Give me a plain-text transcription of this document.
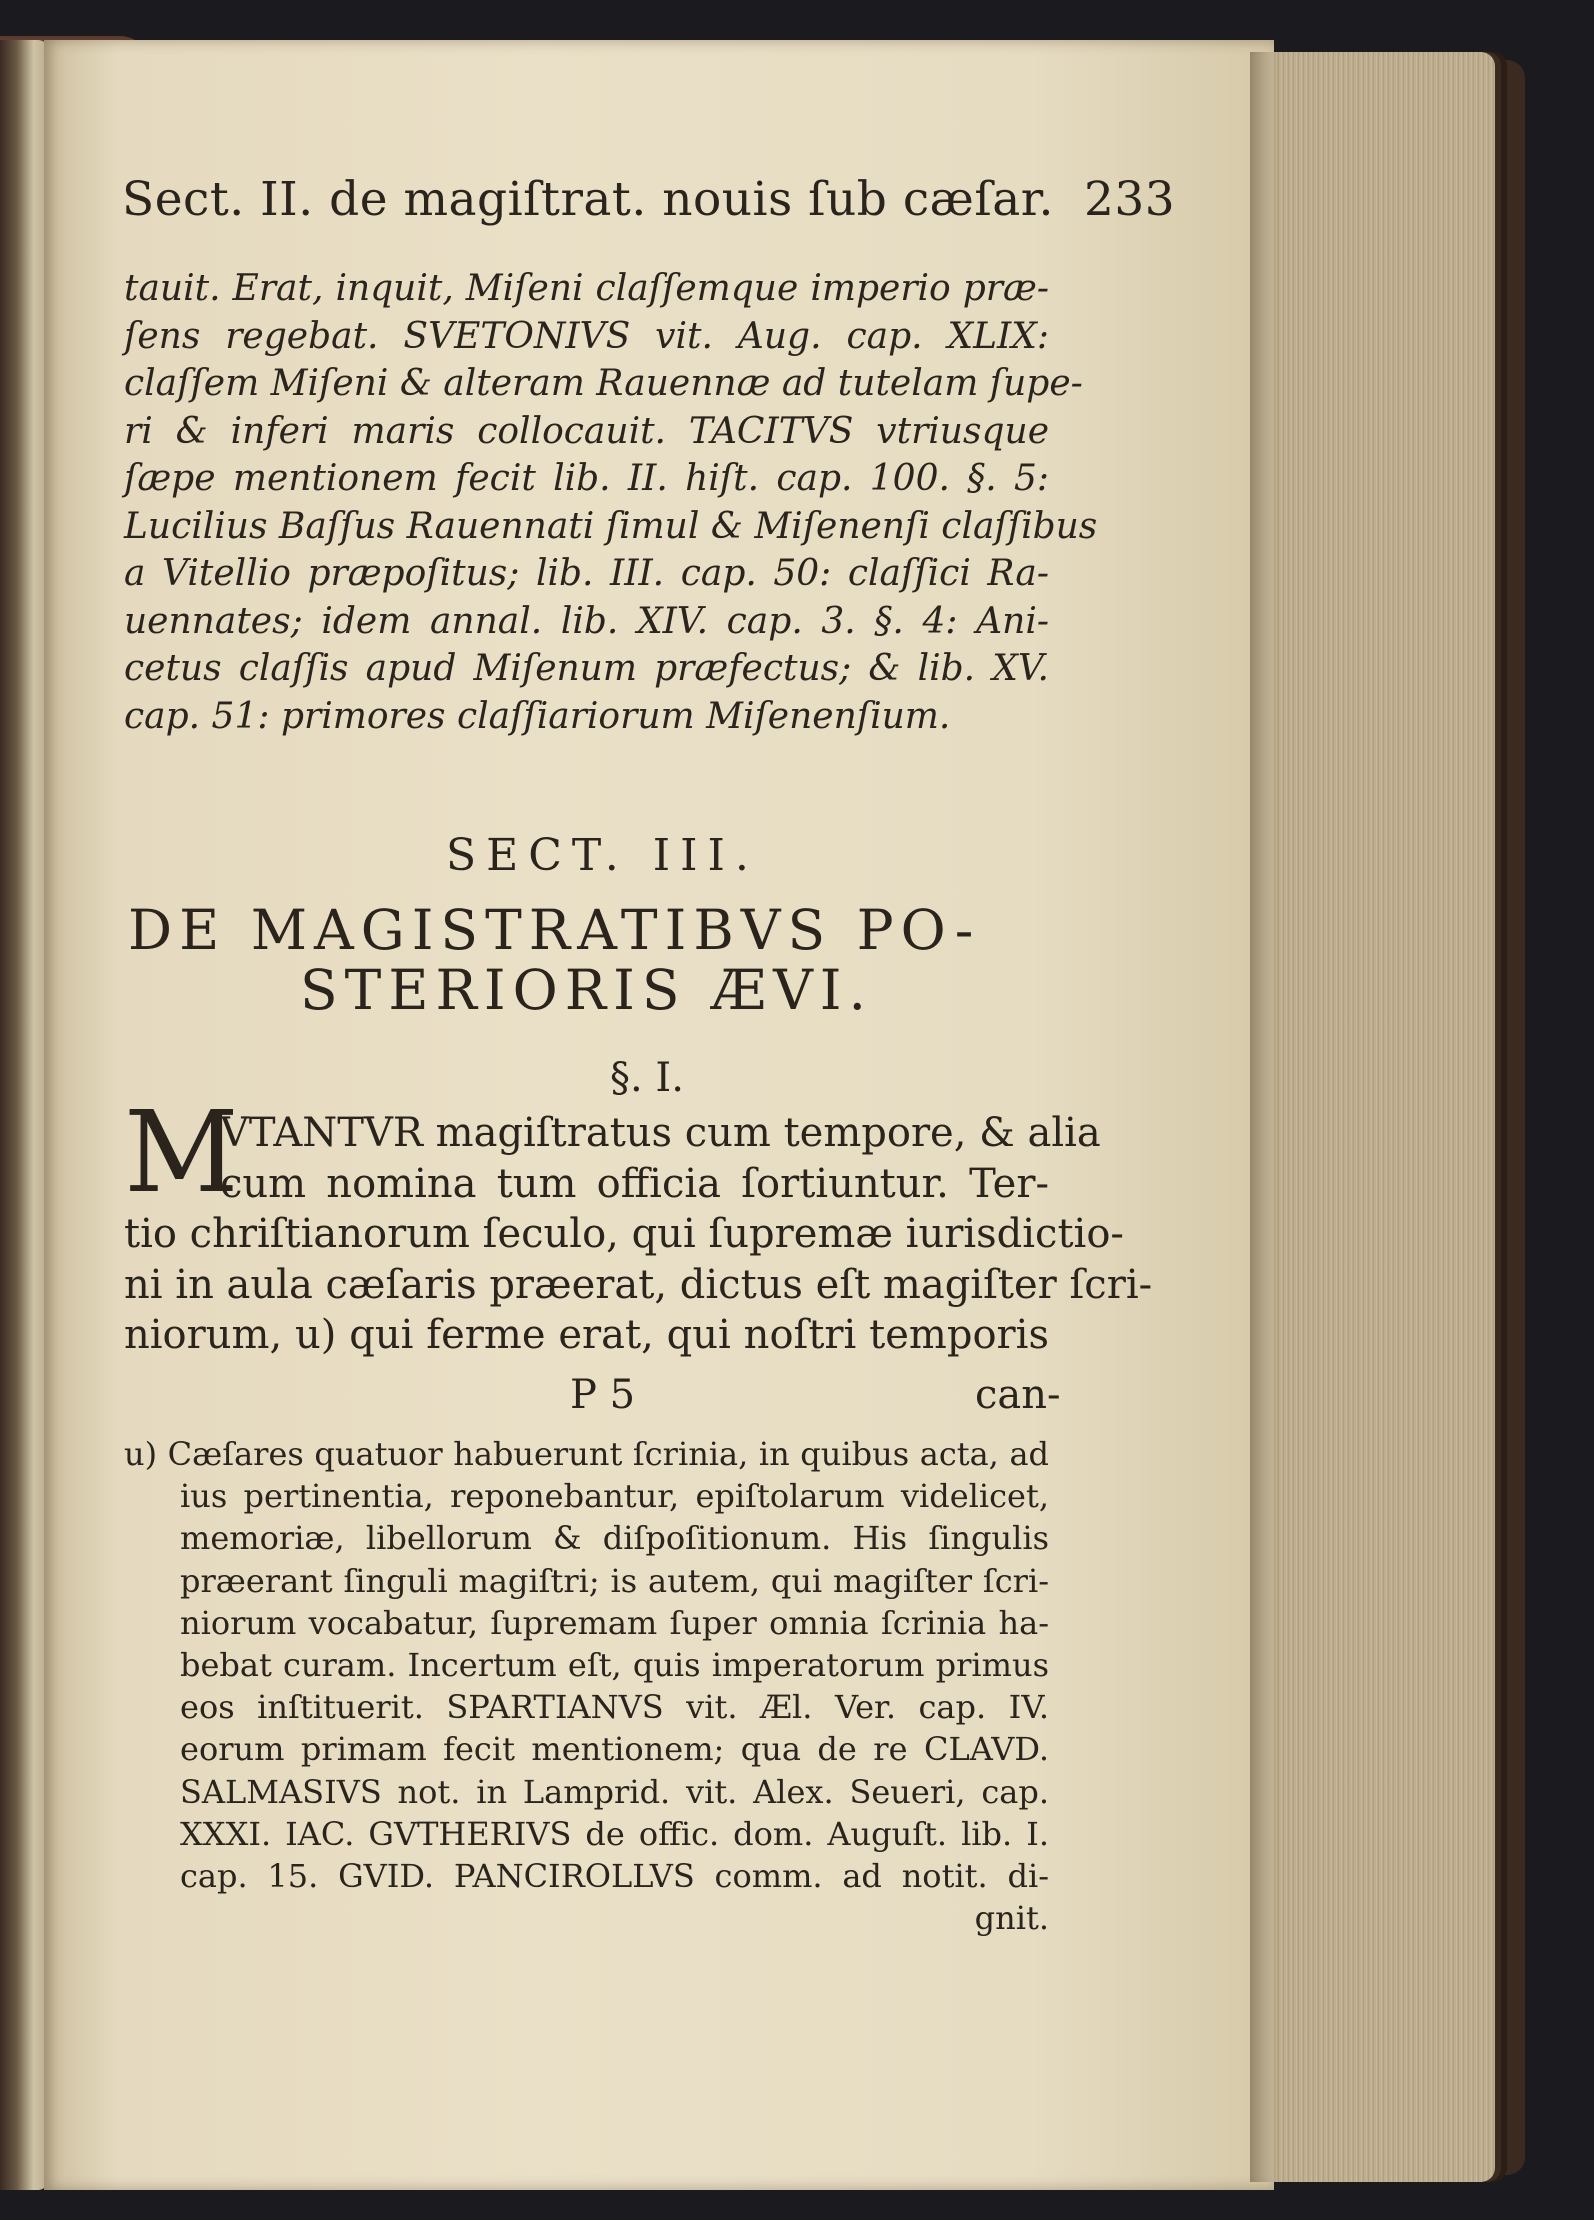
Sect. II. de magiſtrat. nouis ſub cæſar. 233
tauit. Erat, inquit, Miſeni claſſemque imperio præ-
ſens regebat. SVETONIVS vit. Aug. cap. XLIX:
claſſem Miſeni & alteram Rauennæ ad tutelam ſupe-
ri & inferi maris collocauit. TACITVS vtriusque
ſæpe mentionem fecit lib. II. hiſt. cap. 100. §. 5:
Lucilius Baſſus Rauennati ſimul & Miſenenſi claſſibus
a Vitellio præpoſitus; lib. III. cap. 50: claſſici Ra-
uennates; idem annal. lib. XIV. cap. 3. §. 4: Ani-
cetus claſſis apud Miſenum præfectus; & lib. XV.
cap. 51: primores claſſiariorum Miſenenſium.
SECT. III.
DE MAGISTRATIBVS PO-
STERIORIS ÆVI.
§. I.
M
VTANTVR magiſtratus cum tempore, & alia
cum nomina tum officia ſortiuntur. Ter-
tio chriſtianorum ſeculo, qui ſupremæ iurisdictio-
ni in aula cæſaris præerat, dictus eſt magiſter ſcri-
niorum, u) qui ferme erat, qui noſtri temporis
P 5	can-
u) Cæſares quatuor habuerunt ſcrinia, in quibus acta, ad
ius pertinentia, reponebantur, epiſtolarum videlicet,
memoriæ, libellorum & diſpoſitionum. His ſingulis
præerant ſinguli magiſtri; is autem, qui magiſter ſcri-
niorum vocabatur, ſupremam ſuper omnia ſcrinia ha-
bebat curam. Incertum eſt, quis imperatorum primus
eos inſtituerit. SPARTIANVS vit. Æl. Ver. cap. IV.
eorum primam fecit mentionem; qua de re CLAVD.
SALMASIVS not. in Lamprid. vit. Alex. Seueri, cap.
XXXI. IAC. GVTHERIVS de offic. dom. Auguſt. lib. I.
cap. 15. GVID. PANCIROLLVS comm. ad notit. di-
gnit.
